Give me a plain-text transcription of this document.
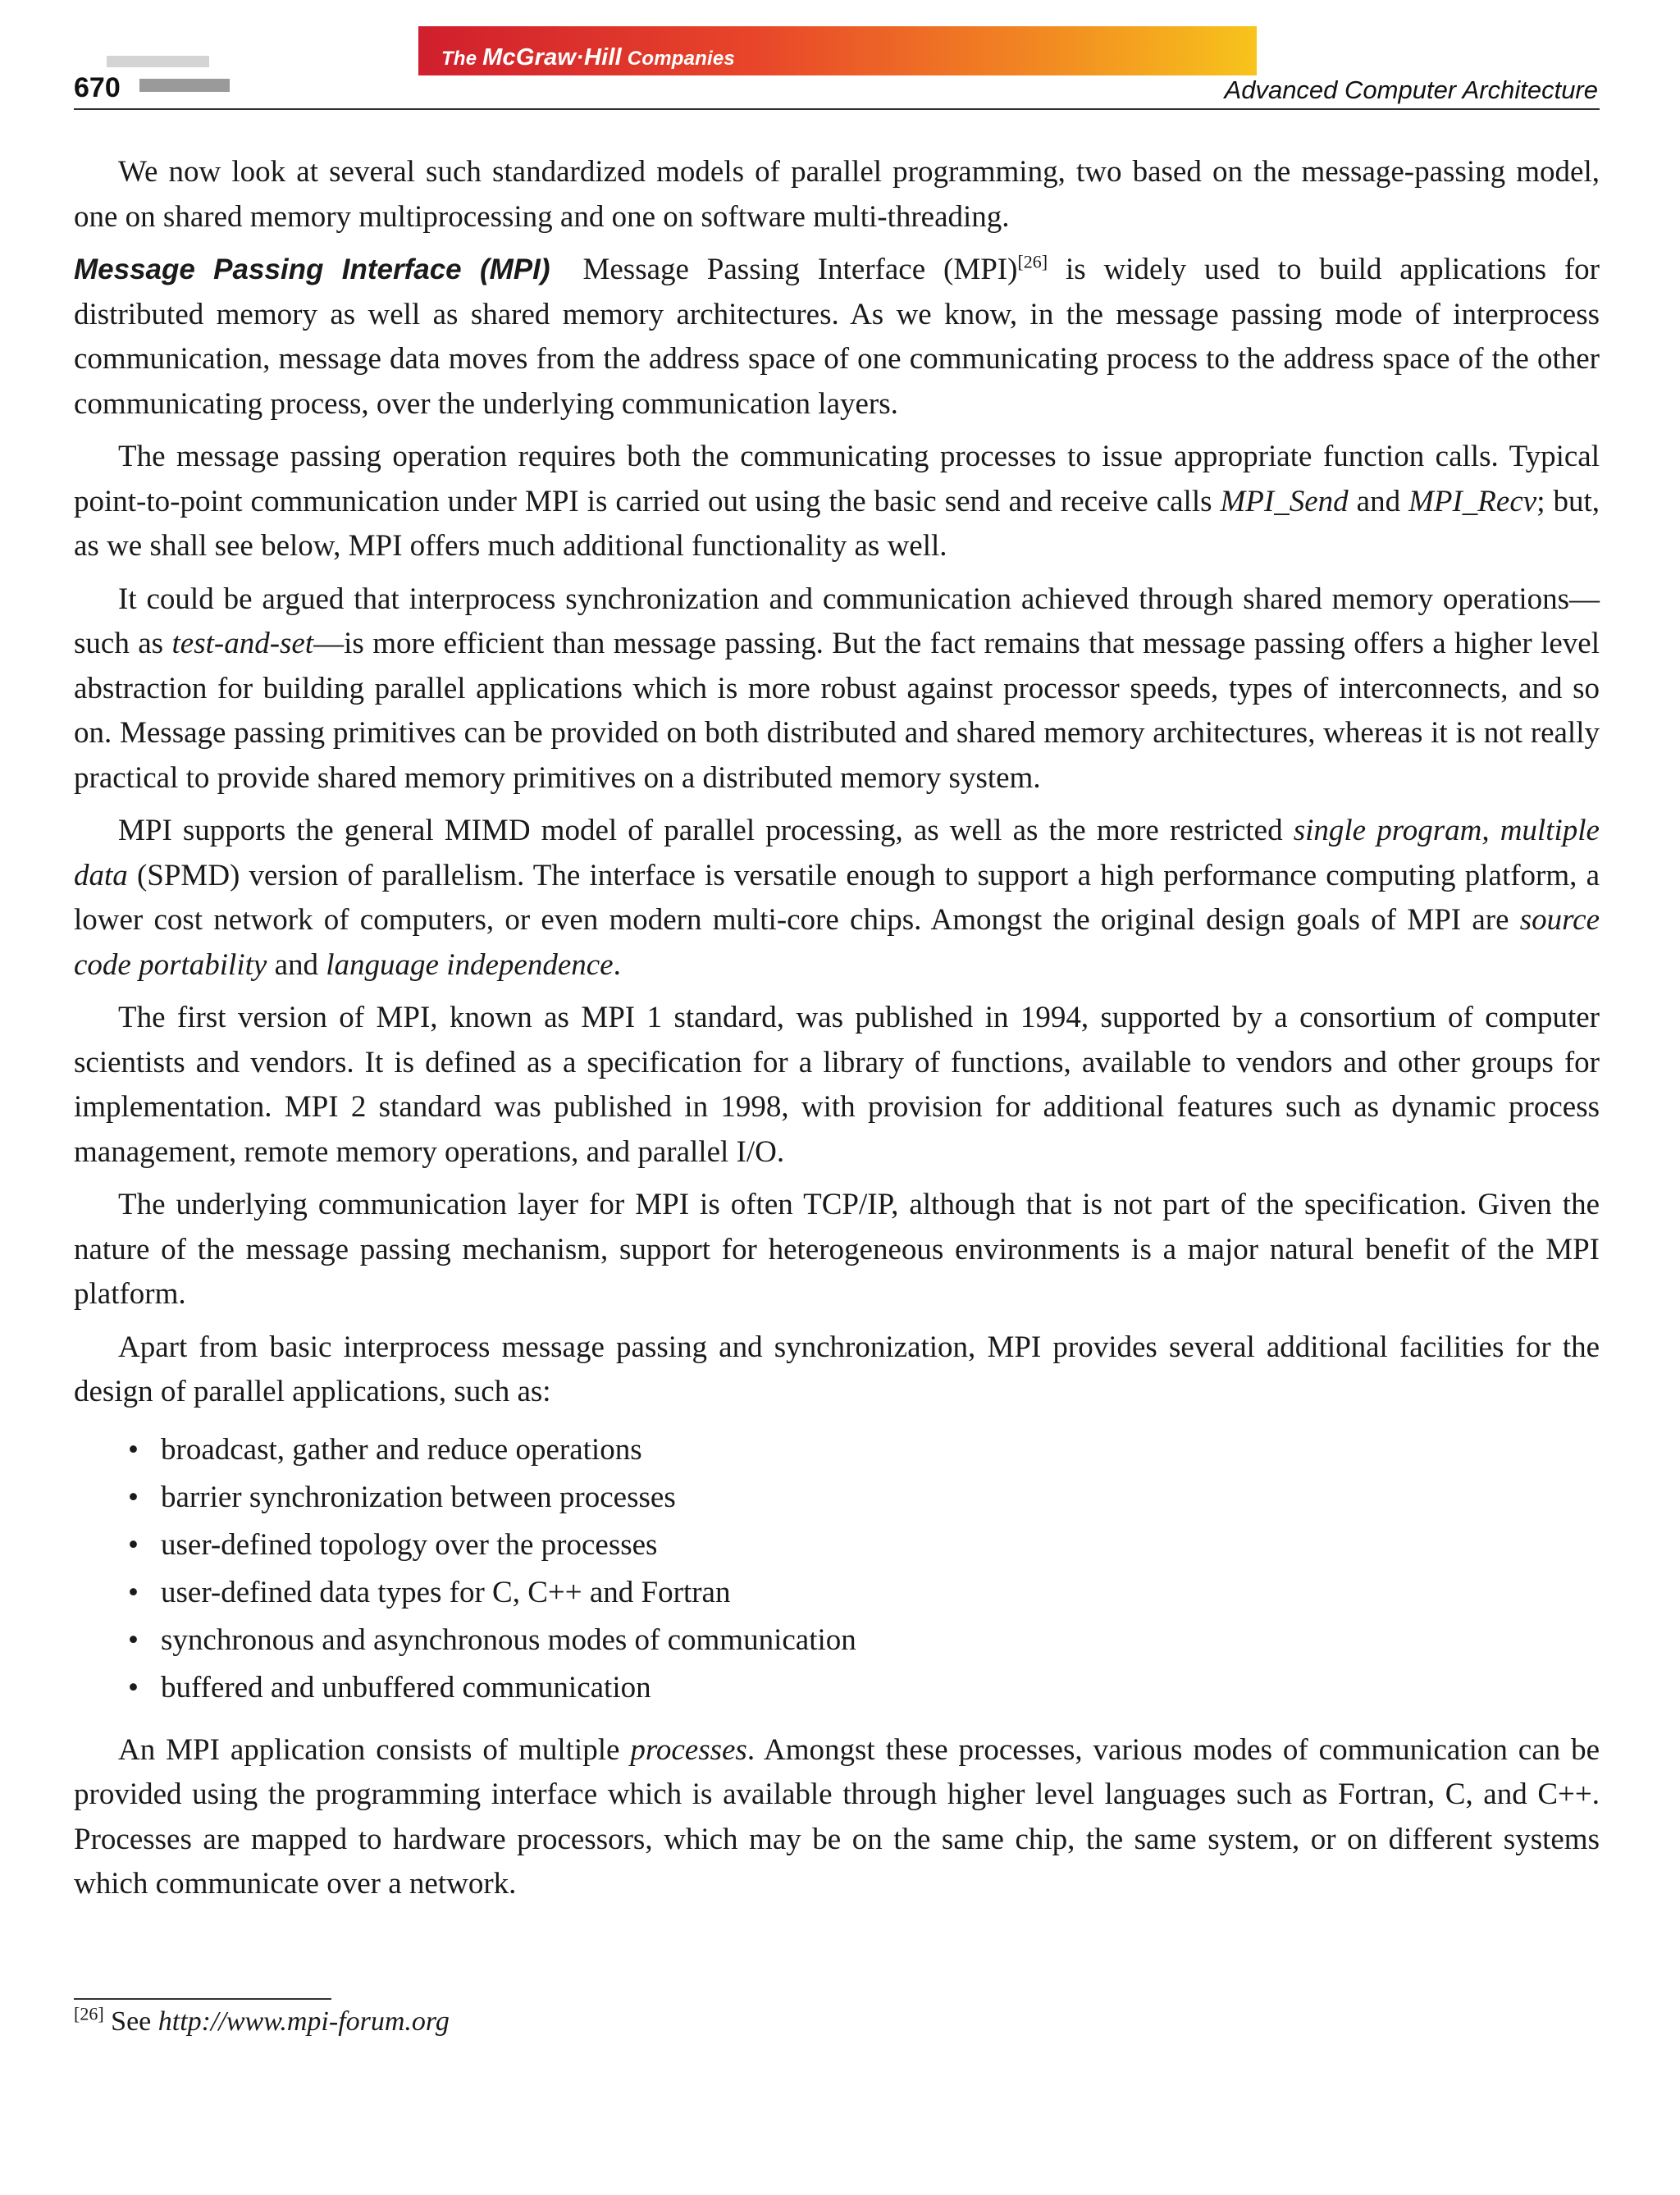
670
The McGraw·Hill Companies
Advanced Computer Architecture

We now look at several such standardized models of parallel programming, two based on the message-passing model, one on shared memory multiprocessing and one on software multi-threading.

Message Passing Interface (MPI) Message Passing Interface (MPI)[26] is widely used to build applications for distributed memory as well as shared memory architectures. As we know, in the message passing mode of interprocess communication, message data moves from the address space of one communicating process to the address space of the other communicating process, over the underlying communication layers.

The message passing operation requires both the communicating processes to issue appropriate function calls. Typical point-to-point communication under MPI is carried out using the basic send and receive calls MPI_Send and MPI_Recv; but, as we shall see below, MPI offers much additional functionality as well.

It could be argued that interprocess synchronization and communication achieved through shared memory operations—such as test-and-set—is more efficient than message passing. But the fact remains that message passing offers a higher level abstraction for building parallel applications which is more robust against processor speeds, types of interconnects, and so on. Message passing primitives can be provided on both distributed and shared memory architectures, whereas it is not really practical to provide shared memory primitives on a distributed memory system.

MPI supports the general MIMD model of parallel processing, as well as the more restricted single program, multiple data (SPMD) version of parallelism. The interface is versatile enough to support a high performance computing platform, a lower cost network of computers, or even modern multi-core chips. Amongst the original design goals of MPI are source code portability and language independence.

The first version of MPI, known as MPI 1 standard, was published in 1994, supported by a consortium of computer scientists and vendors. It is defined as a specification for a library of functions, available to vendors and other groups for implementation. MPI 2 standard was published in 1998, with provision for additional features such as dynamic process management, remote memory operations, and parallel I/O.

The underlying communication layer for MPI is often TCP/IP, although that is not part of the specification. Given the nature of the message passing mechanism, support for heterogeneous environments is a major natural benefit of the MPI platform.

Apart from basic interprocess message passing and synchronization, MPI provides several additional facilities for the design of parallel applications, such as:

• broadcast, gather and reduce operations
• barrier synchronization between processes
• user-defined topology over the processes
• user-defined data types for C, C++ and Fortran
• synchronous and asynchronous modes of communication
• buffered and unbuffered communication

An MPI application consists of multiple processes. Amongst these processes, various modes of communication can be provided using the programming interface which is available through higher level languages such as Fortran, C, and C++. Processes are mapped to hardware processors, which may be on the same chip, the same system, or on different systems which communicate over a network.

[26] See http://www.mpi-forum.org
